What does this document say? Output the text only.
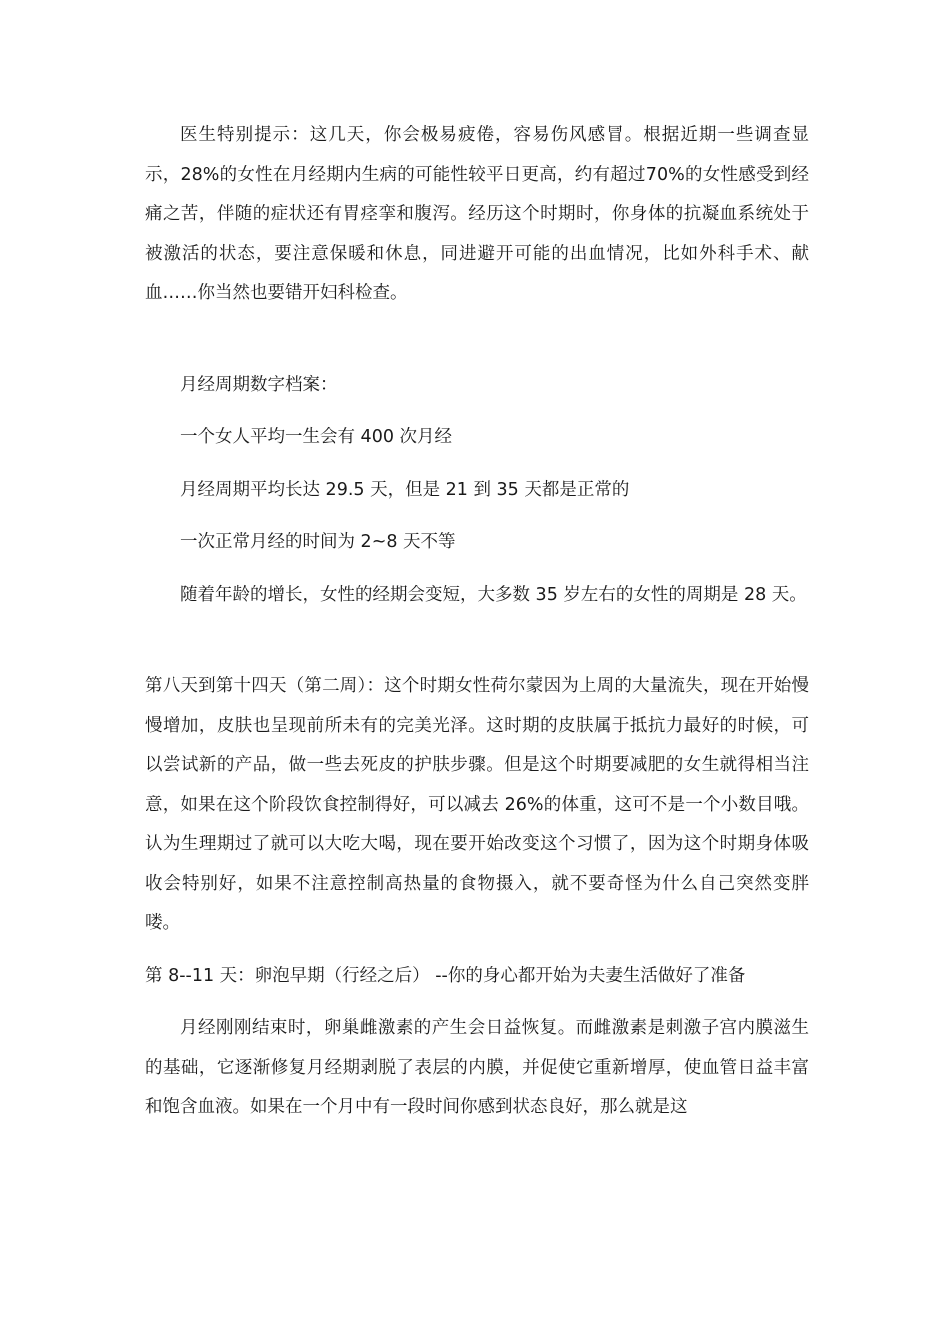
医生特别提示：这几天，你会极易疲倦，容易伤风感冒。根据近期一些调查显示，28%的女性在月经期内生病的可能性较平日更高，约有超过70%的女性感受到经痛之苦，伴随的症状还有胃痉挛和腹泻。经历这个时期时，你身体的抗凝血系统处于被激活的状态，要注意保暖和休息，同进避开可能的出血情况，比如外科手术、献血……你当然也要错开妇科检查。

月经周期数字档案：

一个女人平均一生会有 400 次月经

月经周期平均长达 29.5 天，但是 21 到 35 天都是正常的

一次正常月经的时间为 2~8 天不等

随着年龄的增长，女性的经期会变短，大多数 35 岁左右的女性的周期是 28 天。

第八天到第十四天（第二周）：这个时期女性荷尔蒙因为上周的大量流失，现在开始慢慢增加，皮肤也呈现前所未有的完美光泽。这时期的皮肤属于抵抗力最好的时候，可以尝试新的产品，做一些去死皮的护肤步骤。但是这个时期要减肥的女生就得相当注意，如果在这个阶段饮食控制得好，可以减去 26%的体重，这可不是一个小数目哦。认为生理期过了就可以大吃大喝，现在要开始改变这个习惯了，因为这个时期身体吸收会特别好，如果不注意控制高热量的食物摄入，就不要奇怪为什么自己突然变胖喽。

第 8--11 天：卵泡早期（行经之后） --你的身心都开始为夫妻生活做好了准备

月经刚刚结束时，卵巢雌激素的产生会日益恢复。而雌激素是刺激子宫内膜滋生的基础，它逐渐修复月经期剥脱了表层的内膜，并促使它重新增厚，使血管日益丰富和饱含血液。如果在一个月中有一段时间你感到状态良好，那么就是这
